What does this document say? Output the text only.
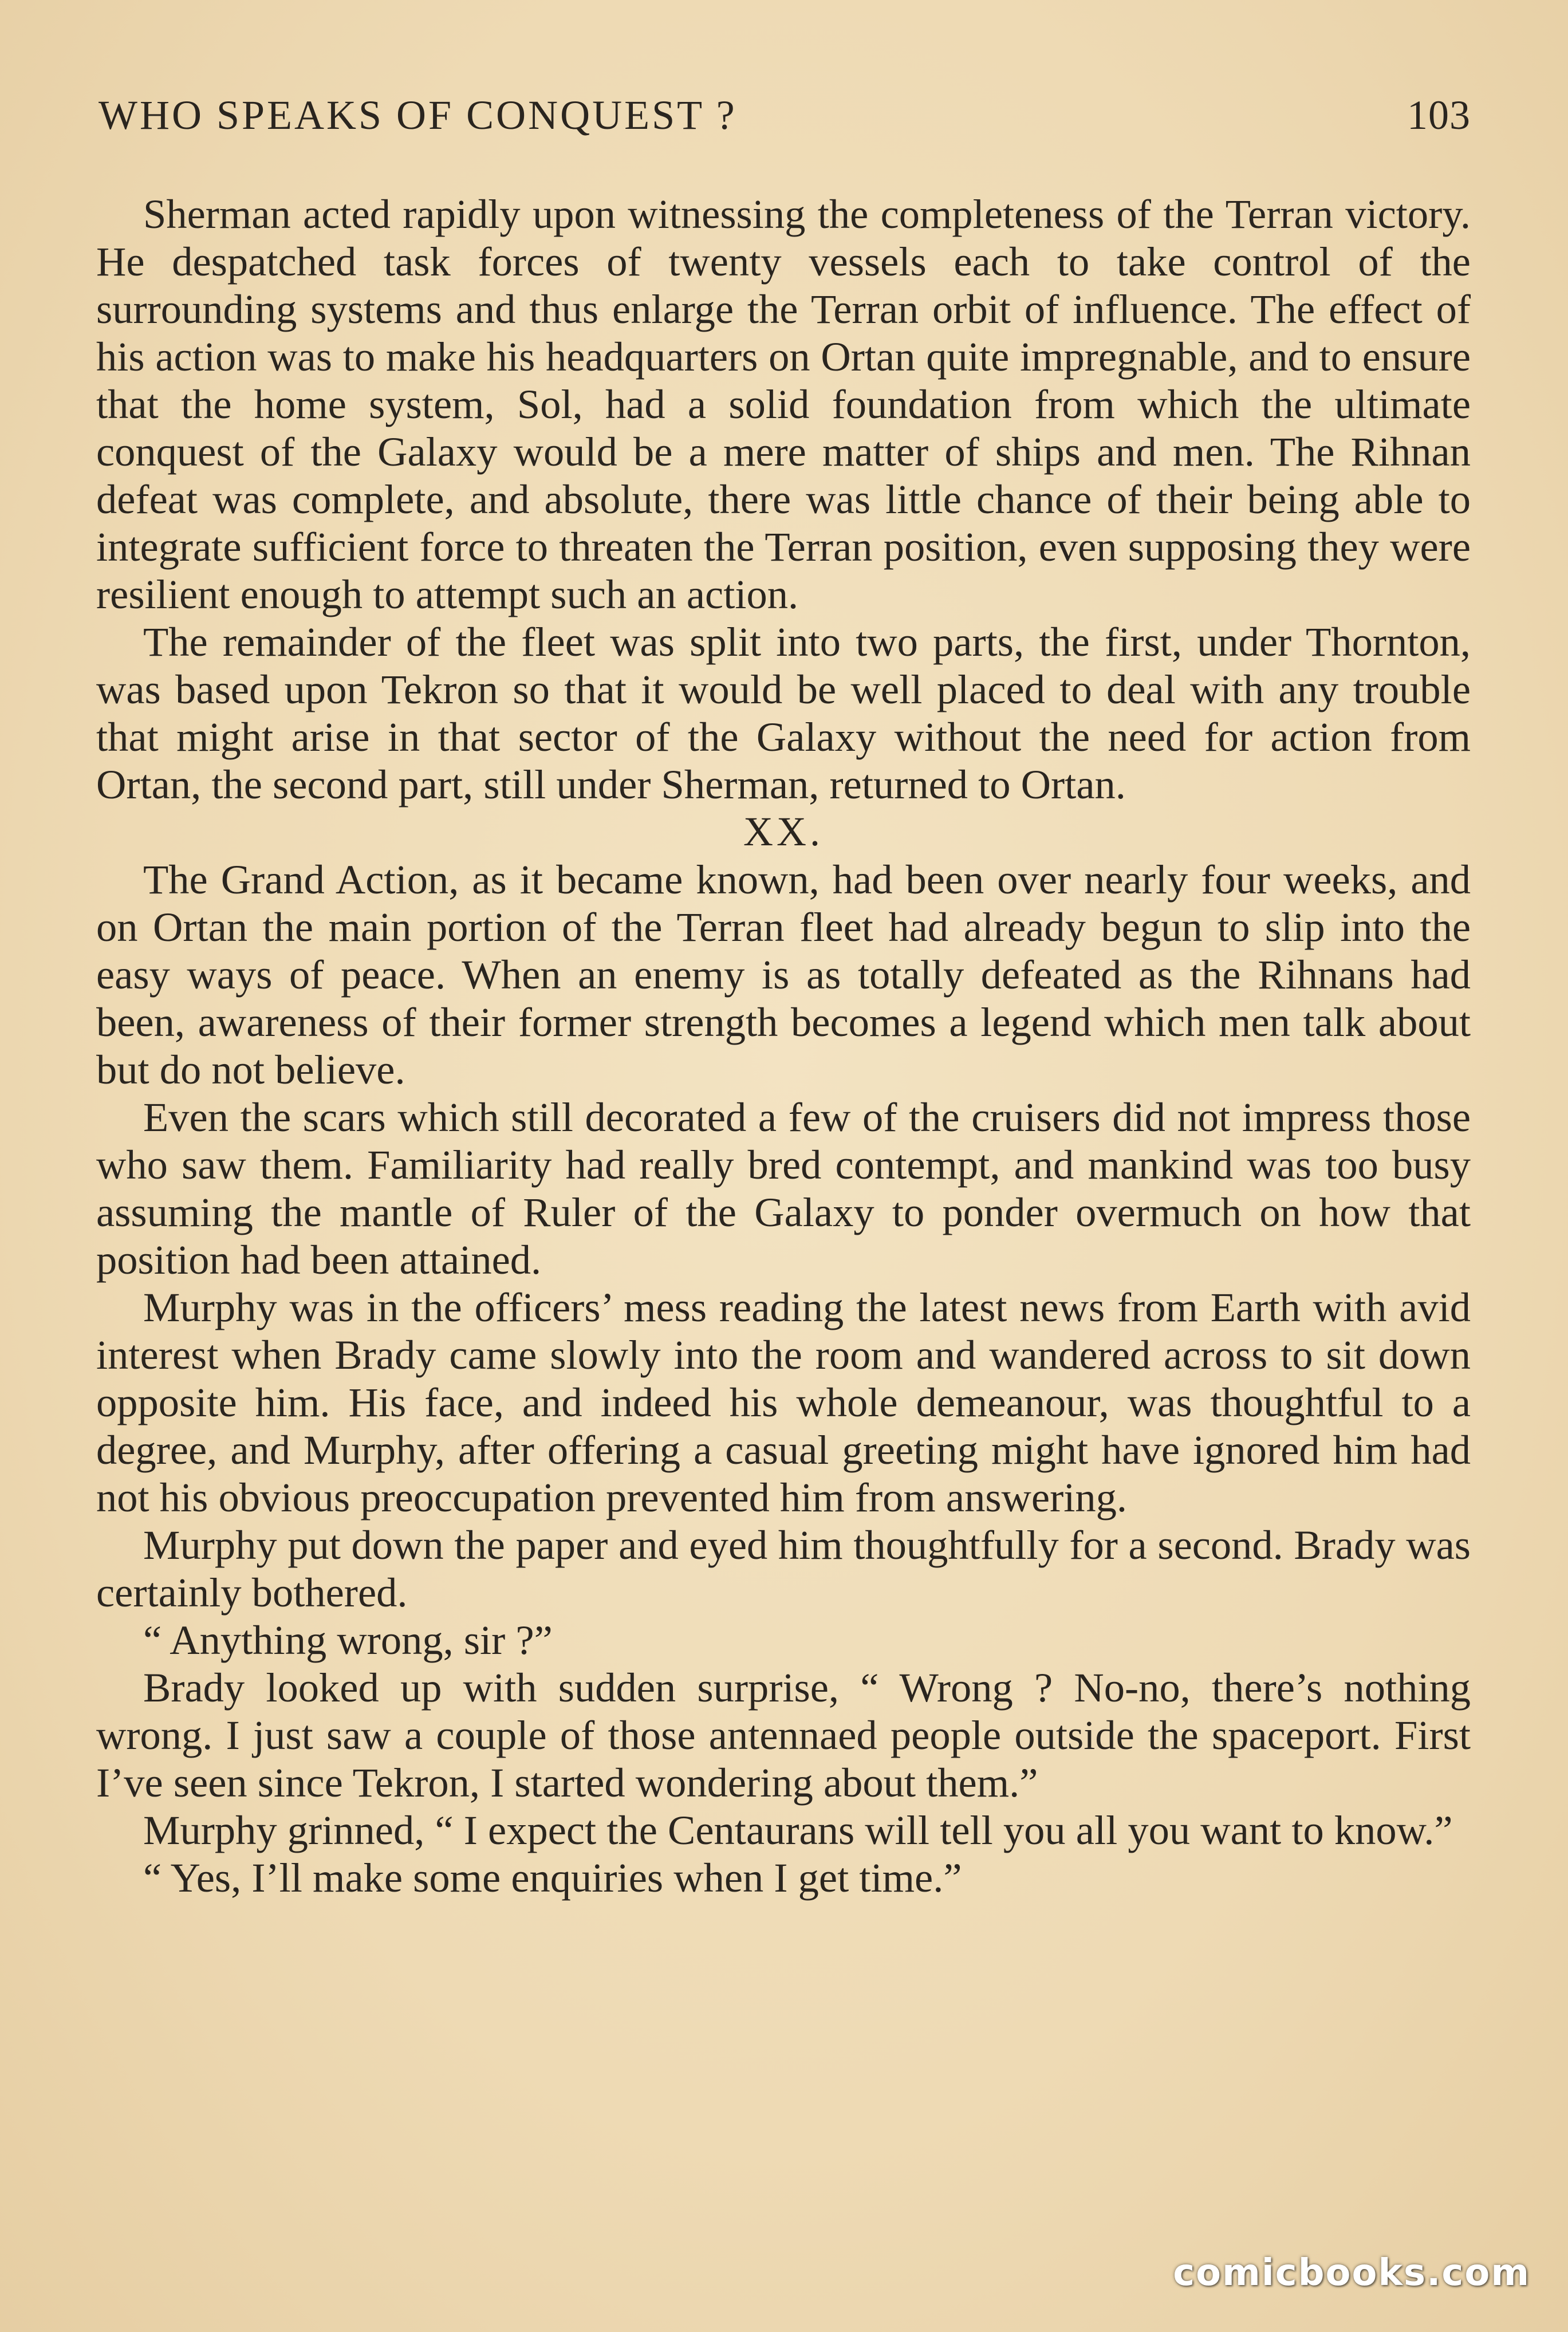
WHO SPEAKS OF CONQUEST ?	103

Sherman acted rapidly upon witnessing the completeness of the Terran victory. He despatched task forces of twenty vessels each to take control of the surrounding systems and thus enlarge the Terran orbit of influence. The effect of his action was to make his headquarters on Ortan quite impregnable, and to ensure that the home system, Sol, had a solid foundation from which the ultimate conquest of the Galaxy would be a mere matter of ships and men. The Rihnan defeat was complete, and absolute, there was little chance of their being able to integrate sufficient force to threaten the Terran position, even supposing they were resilient enough to attempt such an action.

The remainder of the fleet was split into two parts, the first, under Thornton, was based upon Tekron so that it would be well placed to deal with any trouble that might arise in that sector of the Galaxy without the need for action from Ortan, the second part, still under Sherman, returned to Ortan.

XX.

The Grand Action, as it became known, had been over nearly four weeks, and on Ortan the main portion of the Terran fleet had already begun to slip into the easy ways of peace. When an enemy is as totally defeated as the Rihnans had been, awareness of their former strength becomes a legend which men talk about but do not believe.

Even the scars which still decorated a few of the cruisers did not impress those who saw them. Familiarity had really bred contempt, and mankind was too busy assuming the mantle of Ruler of the Galaxy to ponder overmuch on how that position had been attained.

Murphy was in the officers’ mess reading the latest news from Earth with avid interest when Brady came slowly into the room and wandered across to sit down opposite him. His face, and indeed his whole demeanour, was thoughtful to a degree, and Murphy, after offering a casual greeting might have ignored him had not his obvious preoccupation prevented him from answering.

Murphy put down the paper and eyed him thoughtfully for a second. Brady was certainly bothered.

“ Anything wrong, sir ?”

Brady looked up with sudden surprise, “ Wrong ? No-no, there’s nothing wrong. I just saw a couple of those antennaed people outside the spaceport. First I’ve seen since Tekron, I started wondering about them.”

Murphy grinned, “ I expect the Centaurans will tell you all you want to know.”

“ Yes, I’ll make some enquiries when I get time.”

comicbooks.com
